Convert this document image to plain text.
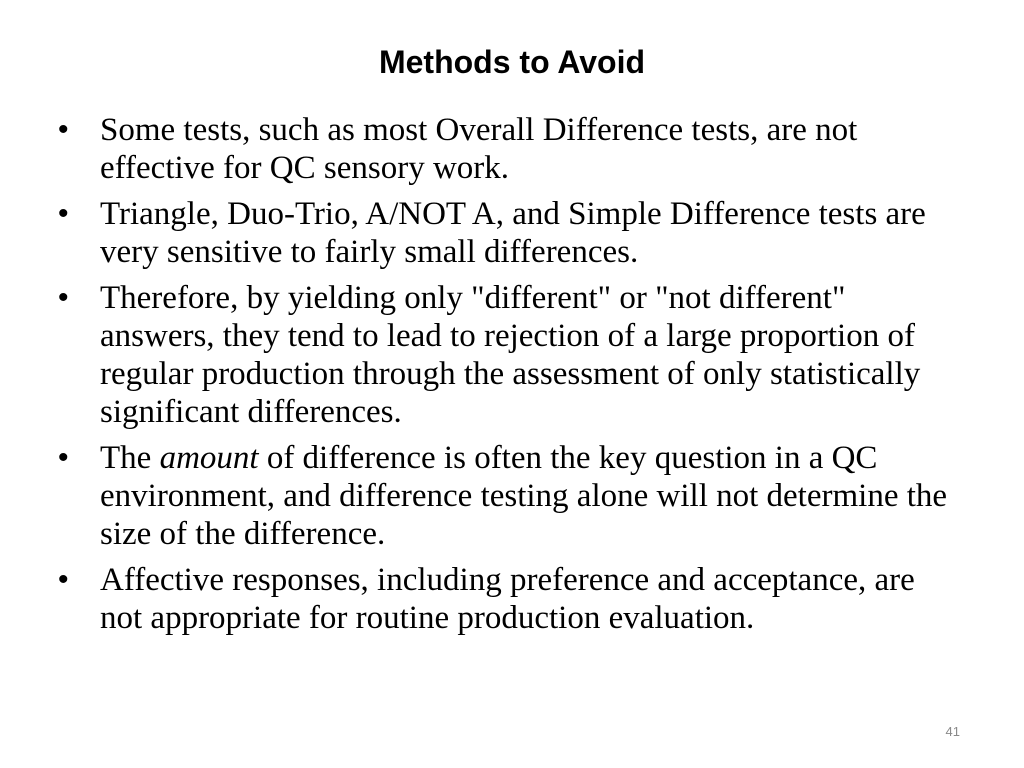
Methods to Avoid
• Some tests, such as most Overall Difference tests, are not effective for QC sensory work.
• Triangle, Duo-Trio, A/NOT A, and Simple Difference tests are very sensitive to fairly small differences.
• Therefore, by yielding only "different" or "not different" answers, they tend to lead to rejection of a large proportion of regular production through the assessment of only statistically significant differences.
• The amount of difference is often the key question in a QC environment, and difference testing alone will not determine the size of the difference.
• Affective responses, including preference and acceptance, are not appropriate for routine production evaluation.
41
